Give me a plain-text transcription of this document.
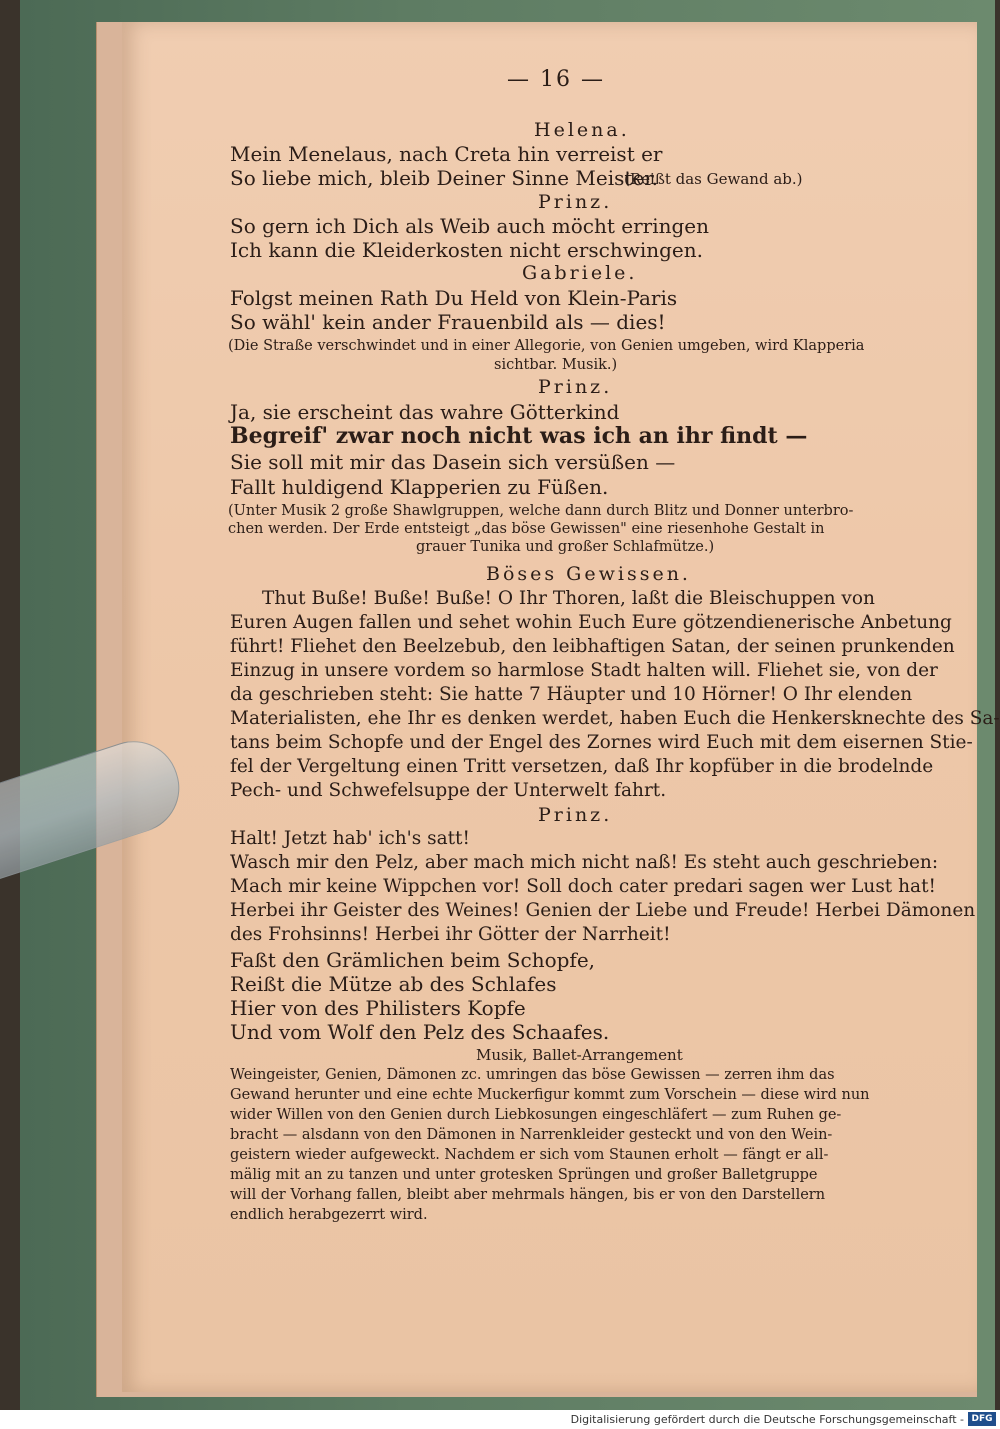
— 16 —
Helena.
Mein Menelaus, nach Creta hin verreist er
So liebe mich, bleib Deiner Sinne Meister.
(Reißt das Gewand ab.)
Prinz.
So gern ich Dich als Weib auch möcht erringen
Ich kann die Kleiderkosten nicht erschwingen.
Gabriele.
Folgst meinen Rath Du Held von Klein-Paris
So wähl' kein ander Frauenbild als — dies!
(Die Straße verschwindet und in einer Allegorie, von Genien umgeben, wird Klapperia
sichtbar. Musik.)
Prinz.
Ja, sie erscheint das wahre Götterkind
Begreif' zwar noch nicht was ich an ihr findt —
Sie soll mit mir das Dasein sich versüßen —
Fallt huldigend Klapperien zu Füßen.
(Unter Musik 2 große Shawlgruppen, welche dann durch Blitz und Donner unterbro-
chen werden. Der Erde entsteigt „das böse Gewissen" eine riesenhohe Gestalt in
grauer Tunika und großer Schlafmütze.)
Böses Gewissen.
Thut Buße! Buße! Buße! O Ihr Thoren, laßt die Bleischuppen von
Euren Augen fallen und sehet wohin Euch Eure götzendienerische Anbetung
führt! Fliehet den Beelzebub, den leibhaftigen Satan, der seinen prunkenden
Einzug in unsere vordem so harmlose Stadt halten will. Fliehet sie, von der
da geschrieben steht: Sie hatte 7 Häupter und 10 Hörner! O Ihr elenden
Materialisten, ehe Ihr es denken werdet, haben Euch die Henkersknechte des Sa-
tans beim Schopfe und der Engel des Zornes wird Euch mit dem eisernen Stie-
fel der Vergeltung einen Tritt versetzen, daß Ihr kopfüber in die brodelnde
Pech- und Schwefelsuppe der Unterwelt fahrt.
Prinz.
Halt! Jetzt hab' ich's satt!
Wasch mir den Pelz, aber mach mich nicht naß! Es steht auch geschrieben:
Mach mir keine Wippchen vor! Soll doch cater predari sagen wer Lust hat!
Herbei ihr Geister des Weines! Genien der Liebe und Freude! Herbei Dämonen
des Frohsinns! Herbei ihr Götter der Narrheit!
Faßt den Grämlichen beim Schopfe,
Reißt die Mütze ab des Schlafes
Hier von des Philisters Kopfe
Und vom Wolf den Pelz des Schaafes.
Musik, Ballet-Arrangement
Weingeister, Genien, Dämonen zc. umringen das böse Gewissen — zerren ihm das
Gewand herunter und eine echte Muckerfigur kommt zum Vorschein — diese wird nun
wider Willen von den Genien durch Liebkosungen eingeschläfert — zum Ruhen ge-
bracht — alsdann von den Dämonen in Narrenkleider gesteckt und von den Wein-
geistern wieder aufgeweckt. Nachdem er sich vom Staunen erholt — fängt er all-
mälig mit an zu tanzen und unter grotesken Sprüngen und großer Balletgruppe
will der Vorhang fallen, bleibt aber mehrmals hängen, bis er von den Darstellern
endlich herabgezerrt wird.
Digitalisierung gefördert durch die Deutsche Forschungsgemeinschaft - DFG
